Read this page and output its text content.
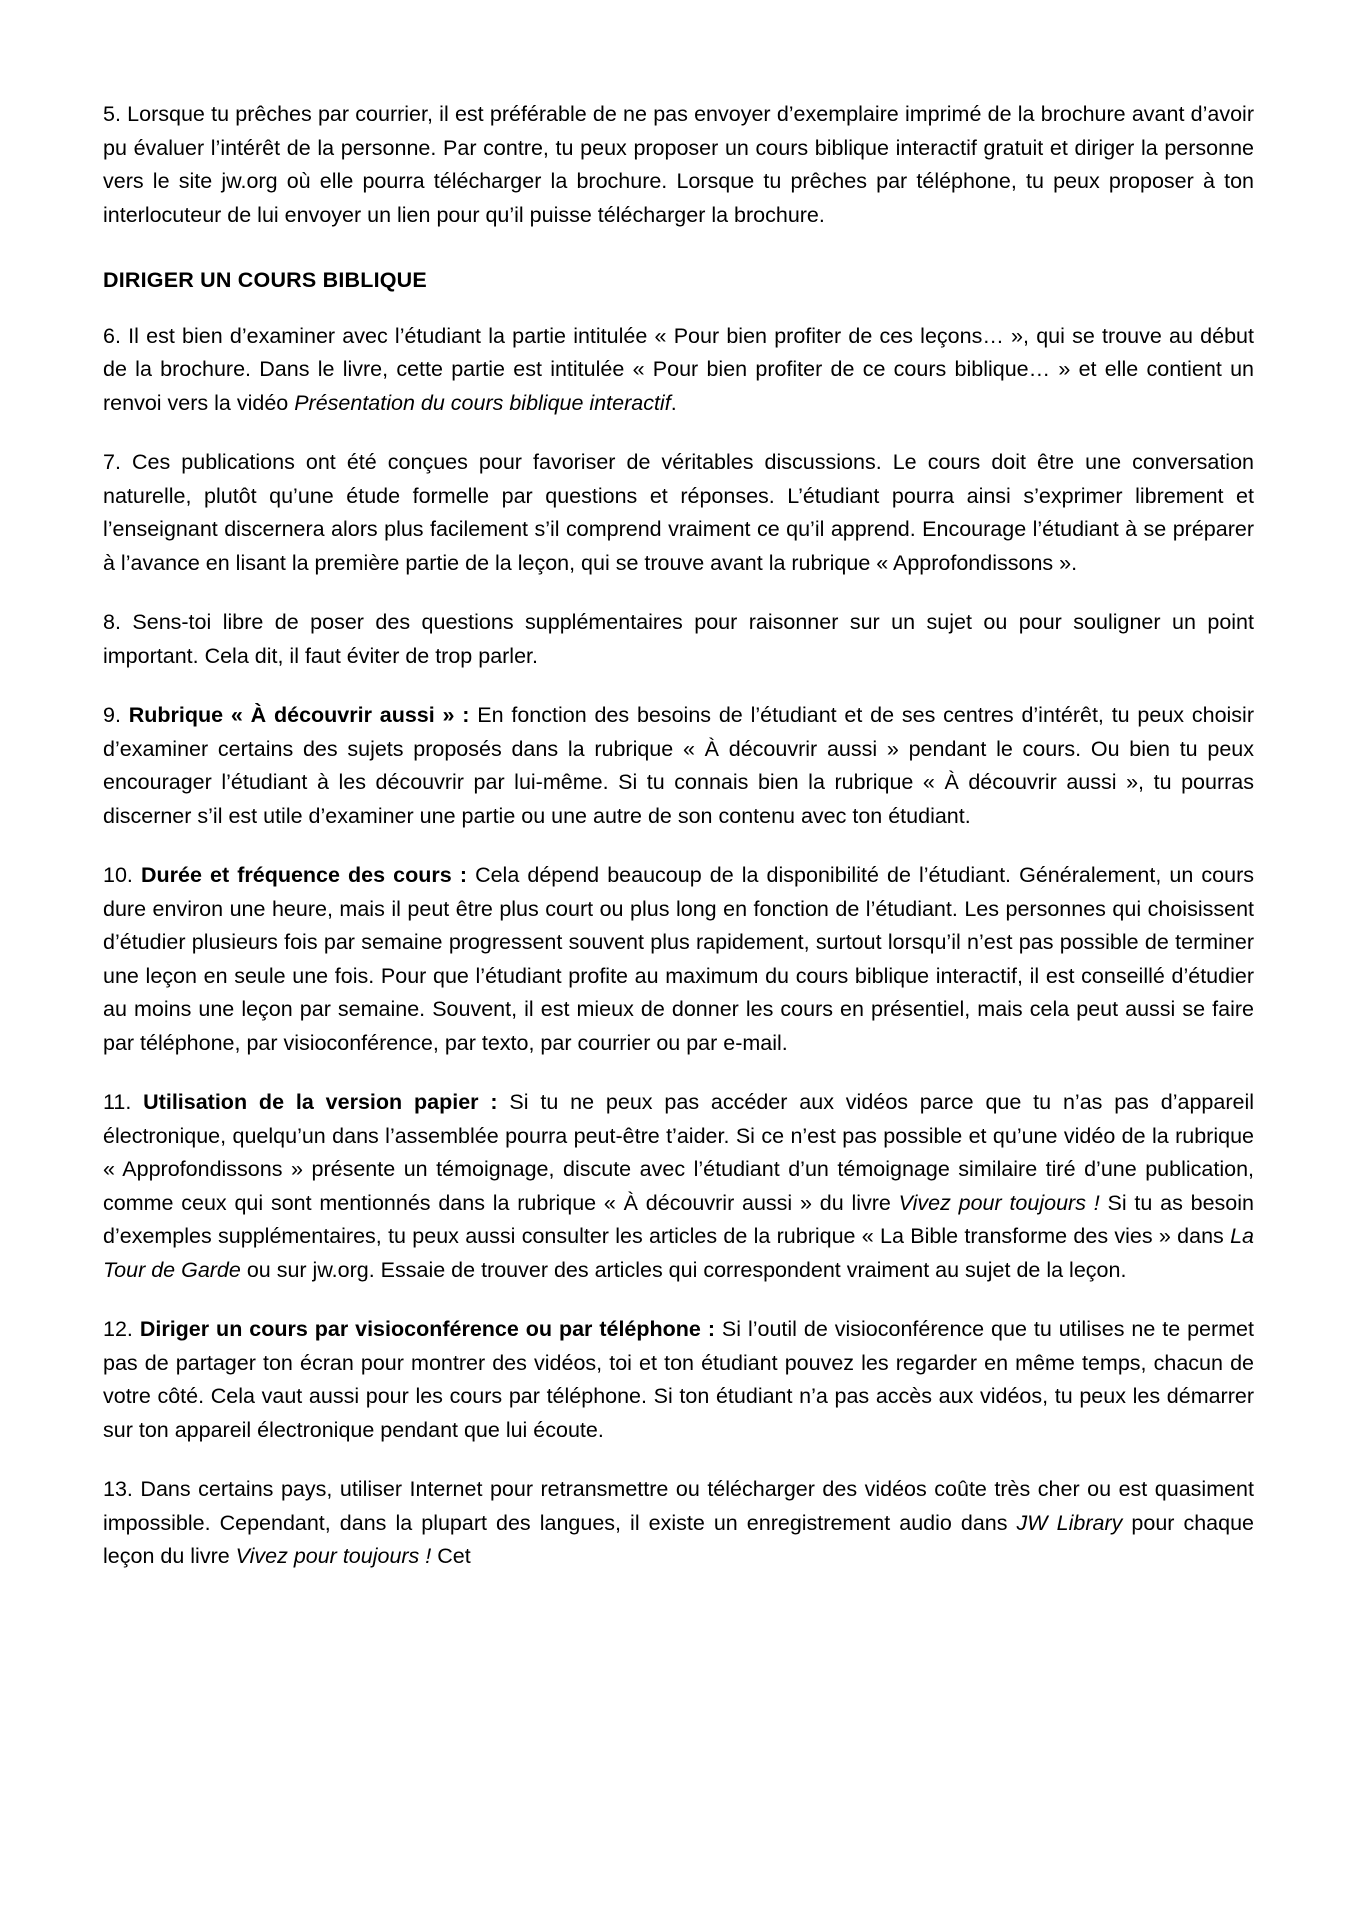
5. Lorsque tu prêches par courrier, il est préférable de ne pas envoyer d’exemplaire imprimé de la brochure avant d’avoir pu évaluer l’intérêt de la personne. Par contre, tu peux proposer un cours biblique interactif gratuit et diriger la personne vers le site jw.org où elle pourra télécharger la brochure. Lorsque tu prêches par téléphone, tu peux proposer à ton interlocuteur de lui envoyer un lien pour qu’il puisse télécharger la brochure.

DIRIGER UN COURS BIBLIQUE

6. Il est bien d’examiner avec l’étudiant la partie intitulée « Pour bien profiter de ces leçons… », qui se trouve au début de la brochure. Dans le livre, cette partie est intitulée « Pour bien profiter de ce cours biblique… » et elle contient un renvoi vers la vidéo Présentation du cours biblique interactif.

7. Ces publications ont été conçues pour favoriser de véritables discussions. Le cours doit être une conversation naturelle, plutôt qu’une étude formelle par questions et réponses. L’étudiant pourra ainsi s’exprimer librement et l’enseignant discernera alors plus facilement s’il comprend vraiment ce qu’il apprend. Encourage l’étudiant à se préparer à l’avance en lisant la première partie de la leçon, qui se trouve avant la rubrique « Approfondissons ».

8. Sens-toi libre de poser des questions supplémentaires pour raisonner sur un sujet ou pour souligner un point important. Cela dit, il faut éviter de trop parler.

9. Rubrique « À découvrir aussi » : En fonction des besoins de l’étudiant et de ses centres d’intérêt, tu peux choisir d’examiner certains des sujets proposés dans la rubrique « À découvrir aussi » pendant le cours. Ou bien tu peux encourager l’étudiant à les découvrir par lui-même. Si tu connais bien la rubrique « À découvrir aussi », tu pourras discerner s’il est utile d’examiner une partie ou une autre de son contenu avec ton étudiant.

10. Durée et fréquence des cours : Cela dépend beaucoup de la disponibilité de l’étudiant. Généralement, un cours dure environ une heure, mais il peut être plus court ou plus long en fonction de l’étudiant. Les personnes qui choisissent d’étudier plusieurs fois par semaine progressent souvent plus rapidement, surtout lorsqu’il n’est pas possible de terminer une leçon en seule une fois. Pour que l’étudiant profite au maximum du cours biblique interactif, il est conseillé d’étudier au moins une leçon par semaine. Souvent, il est mieux de donner les cours en présentiel, mais cela peut aussi se faire par téléphone, par visioconférence, par texto, par courrier ou par e-mail.

11. Utilisation de la version papier : Si tu ne peux pas accéder aux vidéos parce que tu n’as pas d’appareil électronique, quelqu’un dans l’assemblée pourra peut-être t’aider. Si ce n’est pas possible et qu’une vidéo de la rubrique « Approfondissons » présente un témoignage, discute avec l’étudiant d’un témoignage similaire tiré d’une publication, comme ceux qui sont mentionnés dans la rubrique « À découvrir aussi » du livre Vivez pour toujours ! Si tu as besoin d’exemples supplémentaires, tu peux aussi consulter les articles de la rubrique « La Bible transforme des vies » dans La Tour de Garde ou sur jw.org. Essaie de trouver des articles qui correspondent vraiment au sujet de la leçon.

12. Diriger un cours par visioconférence ou par téléphone : Si l’outil de visioconférence que tu utilises ne te permet pas de partager ton écran pour montrer des vidéos, toi et ton étudiant pouvez les regarder en même temps, chacun de votre côté. Cela vaut aussi pour les cours par téléphone. Si ton étudiant n’a pas accès aux vidéos, tu peux les démarrer sur ton appareil électronique pendant que lui écoute.

13. Dans certains pays, utiliser Internet pour retransmettre ou télécharger des vidéos coûte très cher ou est quasiment impossible. Cependant, dans la plupart des langues, il existe un enregistrement audio dans JW Library pour chaque leçon du livre Vivez pour toujours ! Cet
